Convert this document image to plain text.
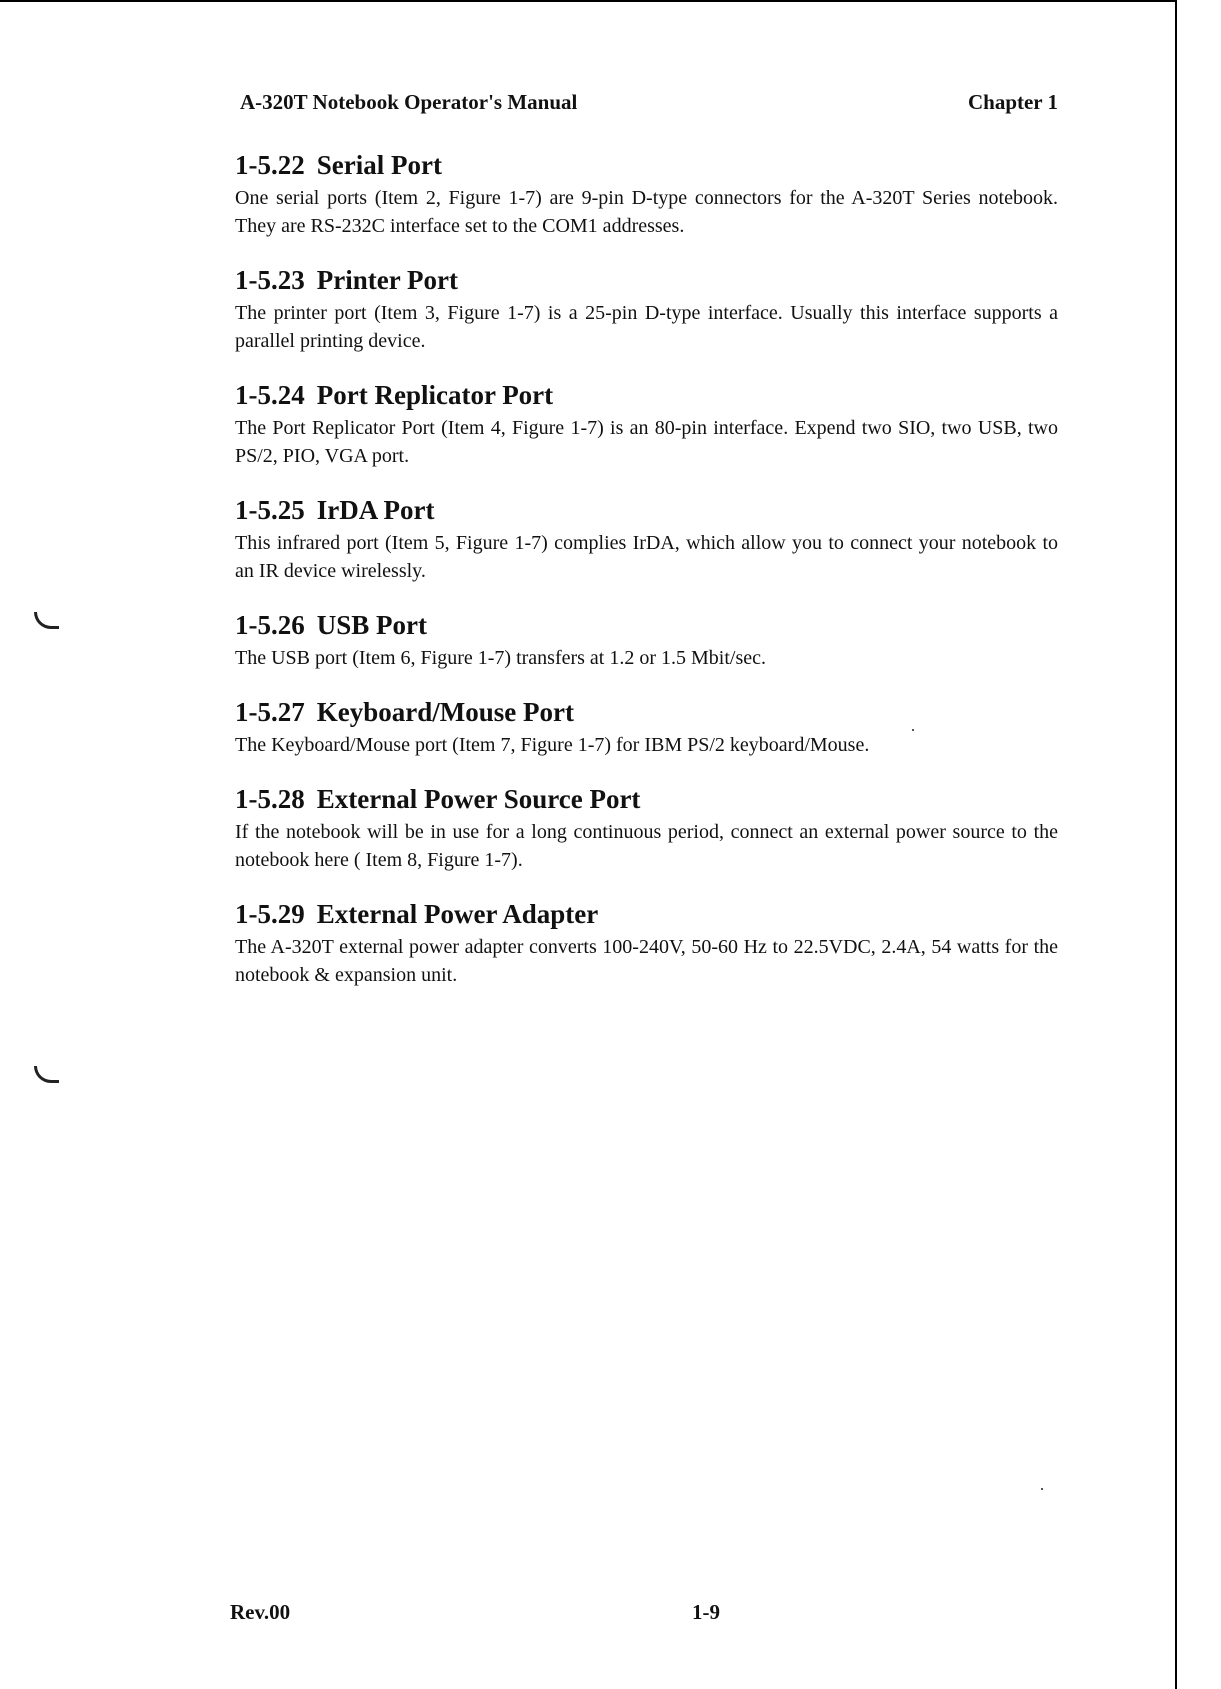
A-320T Notebook Operator's Manual	Chapter 1
1-5.22 Serial Port

One serial ports (Item 2, Figure 1-7) are 9-pin D-type connectors for the A-320T Series notebook. They are RS-232C interface set to the COM1 addresses.

1-5.23 Printer Port

The printer port (Item 3, Figure 1-7) is a 25-pin D-type interface. Usually this interface supports a parallel printing device.

1-5.24 Port Replicator Port

The Port Replicator Port (Item 4, Figure 1-7) is an 80-pin interface. Expend two SIO, two USB, two PS/2, PIO, VGA port.

1-5.25 IrDA Port

This infrared port (Item 5, Figure 1-7) complies IrDA, which allow you to connect your notebook to an IR device wirelessly.

1-5.26 USB Port

The USB port (Item 6, Figure 1-7) transfers at 1.2 or 1.5 Mbit/sec.

1-5.27 Keyboard/Mouse Port

The Keyboard/Mouse port (Item 7, Figure 1-7) for IBM PS/2 keyboard/Mouse.

1-5.28 External Power Source Port

If the notebook will be in use for a long continuous period, connect an external power source to the notebook here ( Item 8, Figure 1-7).

1-5.29 External Power Adapter

The A-320T external power adapter converts 100-240V, 50-60 Hz to 22.5VDC, 2.4A, 54 watts for the notebook & expansion unit.

Rev.00	1-9
